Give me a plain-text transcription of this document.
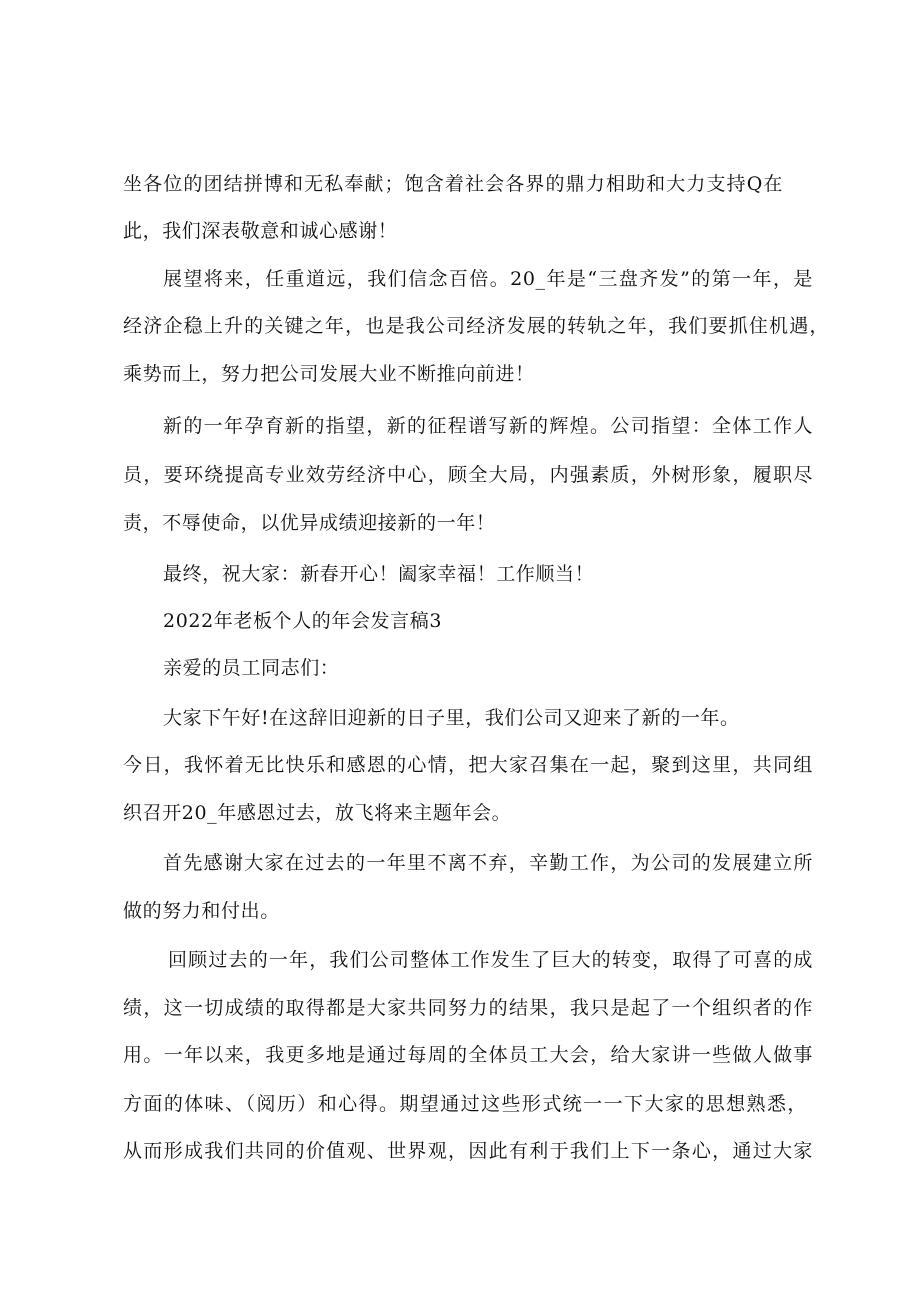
坐各位的团结拼博和无私奉献；饱含着社会各界的鼎力相助和大力支持Q在
此，我们深表敬意和诚心感谢！
展望将来，任重道远，我们信念百倍。20_年是“三盘齐发”的第一年，是
经济企稳上升的关键之年，也是我公司经济发展的转轨之年，我们要抓住机遇，
乘势而上，努力把公司发展大业不断推向前进！
新的一年孕育新的指望，新的征程谱写新的辉煌。公司指望：全体工作人
员，要环绕提高专业效劳经济中心，顾全大局，内强素质，外树形象，履职尽
责，不辱使命，以优异成绩迎接新的一年！
最终，祝大家：新春开心！阖家幸福！工作顺当！
2022年老板个人的年会发言稿3
亲爱的员工同志们：
大家下午好!在这辞旧迎新的日子里，我们公司又迎来了新的一年。
今日，我怀着无比快乐和感恩的心情，把大家召集在一起，聚到这里，共同组
织召开20_年感恩过去，放飞将来主题年会。
首先感谢大家在过去的一年里不离不弃，辛勤工作，为公司的发展建立所
做的努力和付出。
回顾过去的一年，我们公司整体工作发生了巨大的转变，取得了可喜的成
绩，这一切成绩的取得都是大家共同努力的结果，我只是起了一个组织者的作
用。一年以来，我更多地是通过每周的全体员工大会，给大家讲一些做人做事
方面的体味、（阅历）和心得。期望通过这些形式统一一下大家的思想熟悉，
从而形成我们共同的价值观、世界观，因此有利于我们上下一条心，通过大家
